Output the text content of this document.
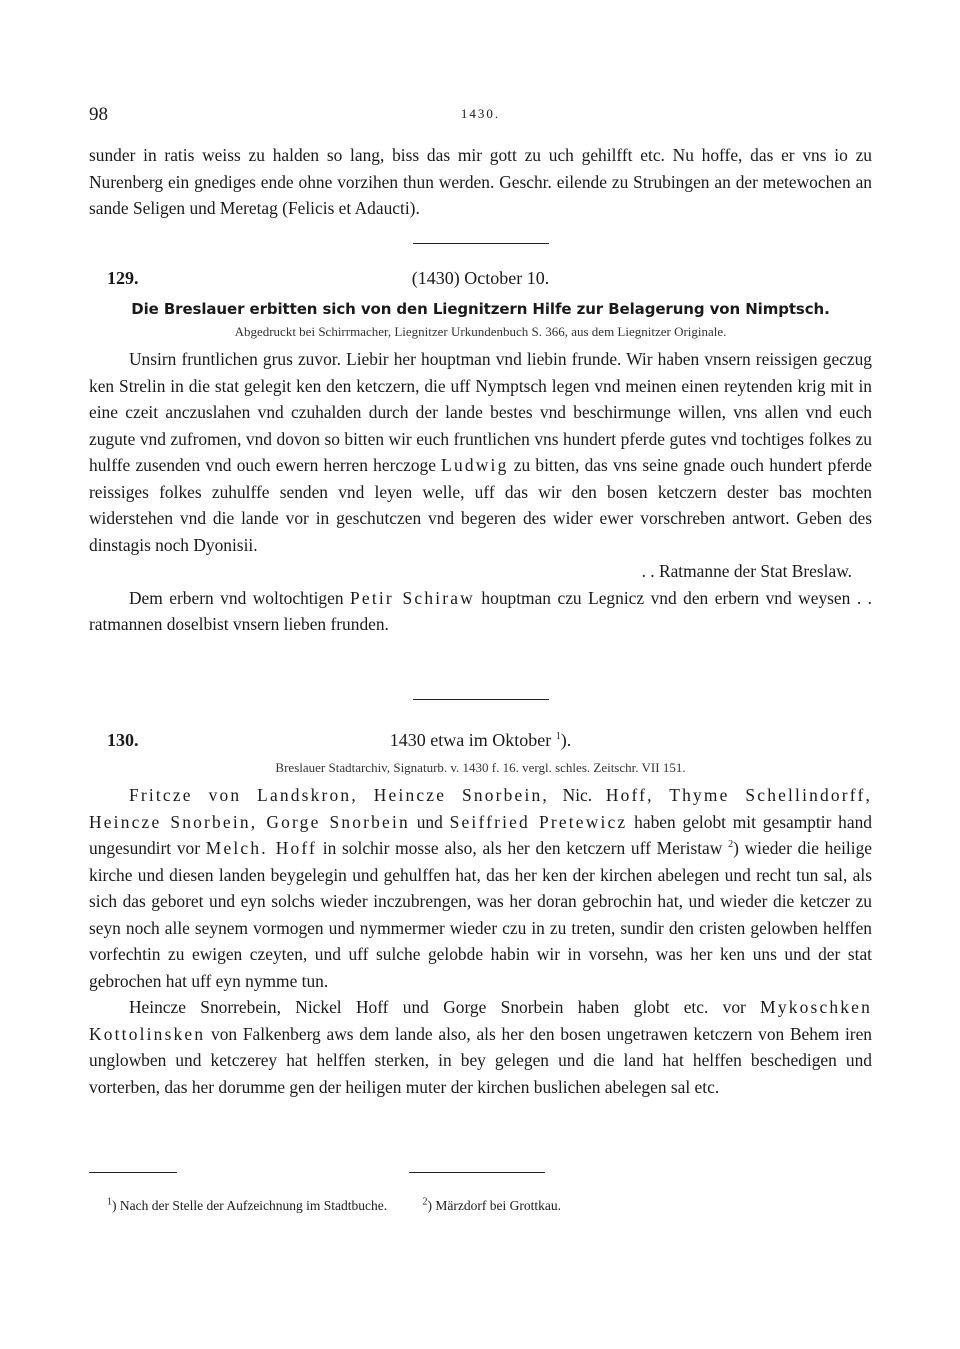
98	1430.

sunder in ratis weiss zu halden so lang, biss das mir gott zu uch gehilfft etc. Nu hoffe, das er vns io zu Nurenberg ein gnediges ende ohne vorzihen thun werden. Geschr. eilende zu Strubingen an der metewochen an sande Seligen und Meretag (Felicis et Adaucti).

129.	(1430) October 10.
Die Breslauer erbitten sich von den Liegnitzern Hilfe zur Belagerung von Nimptsch.
Abgedruckt bei Schirrmacher, Liegnitzer Urkundenbuch S. 366, aus dem Liegnitzer Originale.

Unsirn fruntlichen grus zuvor. Liebir her houptman vnd liebin frunde. Wir haben vnsern reissigen geczug ken Strelin in die stat gelegit ken den ketczern, die uff Nymptsch legen vnd meinen einen reytenden krig mit in eine czeit anczuslahen vnd czuhalden durch der lande bestes vnd beschirmunge willen, vns allen vnd euch zugute vnd zufromen, vnd dovon so bitten wir euch fruntlichen vns hundert pferde gutes vnd tochtiges folkes zu hulffe zusenden vnd ouch ewern herren herczoge Ludwig zu bitten, das vns seine gnade ouch hundert pferde reissiges folkes zuhulffe senden vnd leyen welle, uff das wir den bosen ketczern dester bas mochten widerstehen vnd die lande vor in geschutczen vnd begeren des wider ewer vorschreben antwort. Geben des dinstagis noch Dyonisii.

. . Ratmanne der Stat Breslaw.

Dem erbern vnd woltochtigen Petir Schiraw houptman czu Legnicz vnd den erbern vnd weysen . . ratmannen doselbist vnsern lieben frunden.

130.	1430 etwa im Oktober $^1$).
Breslauer Stadtarchiv, Signaturb. v. 1430 f. 16. vergl. schles. Zeitschr. VII 151.

Fritcze von Landskron, Heincze Snorbein, Nic. Hoff, Thyme Schellindorff, Heincze Snorbein, Gorge Snorbein und Seiffried Pretewicz haben gelobt mit gesamptir hand ungesundirt vor Melch. Hoff in solchir mosse also, als her den ketczern uff Meristaw $^2$) wieder die heilige kirche und diesen landen beygelegin und gehulffen hat, das her ken der kirchen abelegen und recht tun sal, als sich das geboret und eyn solchs wieder inczubrengen, was her doran gebrochin hat, und wieder die ketczer zu seyn noch alle seynem vormogen und nymmermer wieder czu in zu treten, sundir den cristen gelowben helffen vorfechtin zu ewigen czeyten, und uff sulche gelobde habin wir in vorsehn, was her ken uns und der stat gebrochen hat uff eyn nymme tun.

Heincze Snorrebein, Nickel Hoff und Gorge Snorbein haben globt etc. vor Mykoschken Kottolinsken von Falkenberg aws dem lande also, als her den bosen ungetrawen ketczern von Behem iren unglowben und ketczerey hat helffen sterken, in bey gelegen und die land hat helffen beschedigen und vorterben, das her dorumme gen der heiligen muter der kirchen buslichen abelegen sal etc.

$^1$) Nach der Stelle der Aufzeichnung im Stadtbuche.	$^2$) Märzdorf bei Grottkau.
